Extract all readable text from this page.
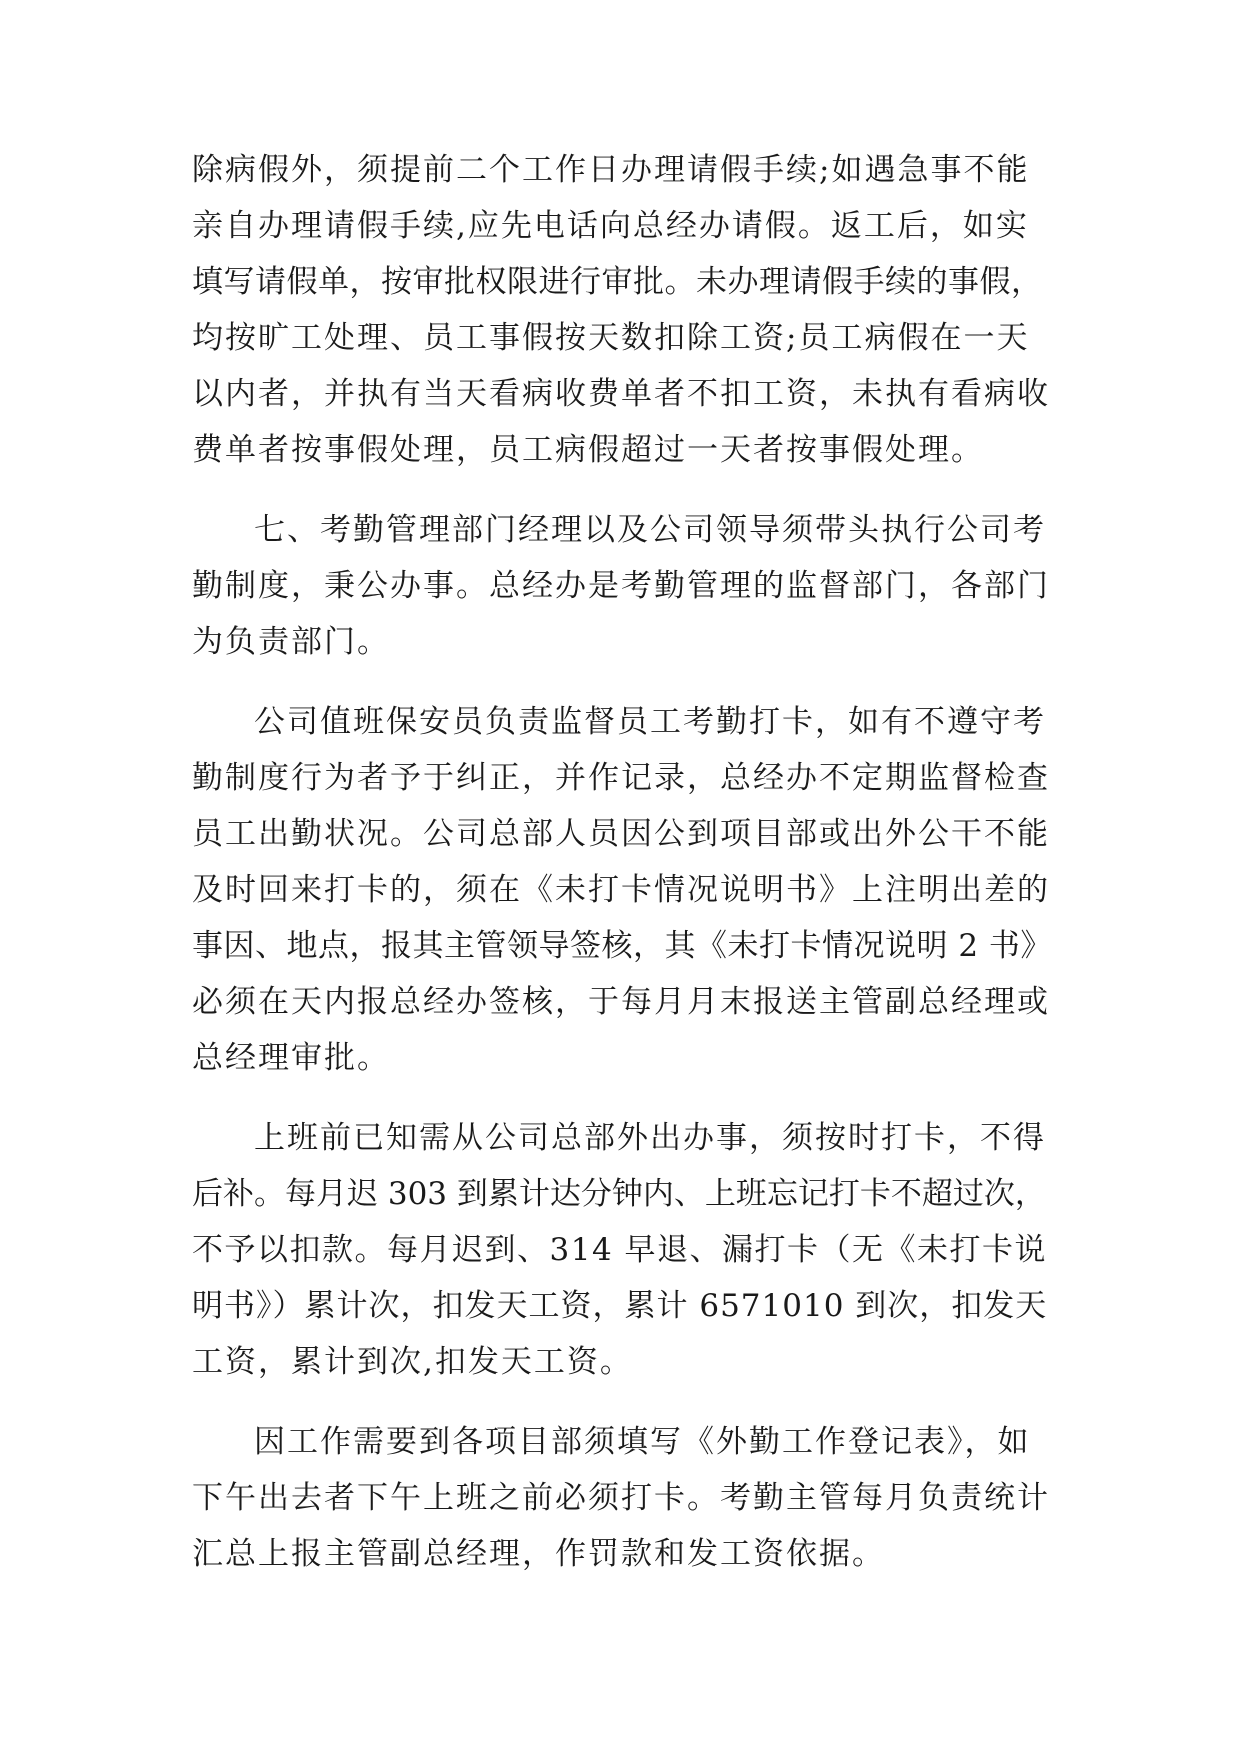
除病假外，须提前二个工作日办理请假手续;如遇急事不能
亲自办理请假手续,应先电话向总经办请假。返工后，如实
填写请假单，按审批权限进行审批。未办理请假手续的事假，
均按旷工处理、员工事假按天数扣除工资;员工病假在一天
以内者，并执有当天看病收费单者不扣工资，未执有看病收
费单者按事假处理，员工病假超过一天者按事假处理。
七、考勤管理部门经理以及公司领导须带头执行公司考
勤制度，秉公办事。总经办是考勤管理的监督部门，各部门
为负责部门。
公司值班保安员负责监督员工考勤打卡，如有不遵守考
勤制度行为者予于纠正，并作记录，总经办不定期监督检查
员工出勤状况。公司总部人员因公到项目部或出外公干不能
及时回来打卡的，须在《未打卡情况说明书》上注明出差的
事因、地点，报其主管领导签核，其《未打卡情况说明 2 书》
必须在天内报总经办签核，于每月月末报送主管副总经理或
总经理审批。
上班前已知需从公司总部外出办事，须按时打卡，不得
后补。每月迟 303 到累计达分钟内、上班忘记打卡不超过次，
不予以扣款。每月迟到、314 早退、漏打卡（无《未打卡说
明书》）累计次，扣发天工资，累计 6571010 到次，扣发天
工资，累计到次,扣发天工资。
因工作需要到各项目部须填写《外勤工作登记表》，如
下午出去者下午上班之前必须打卡。考勤主管每月负责统计
汇总上报主管副总经理，作罚款和发工资依据。
